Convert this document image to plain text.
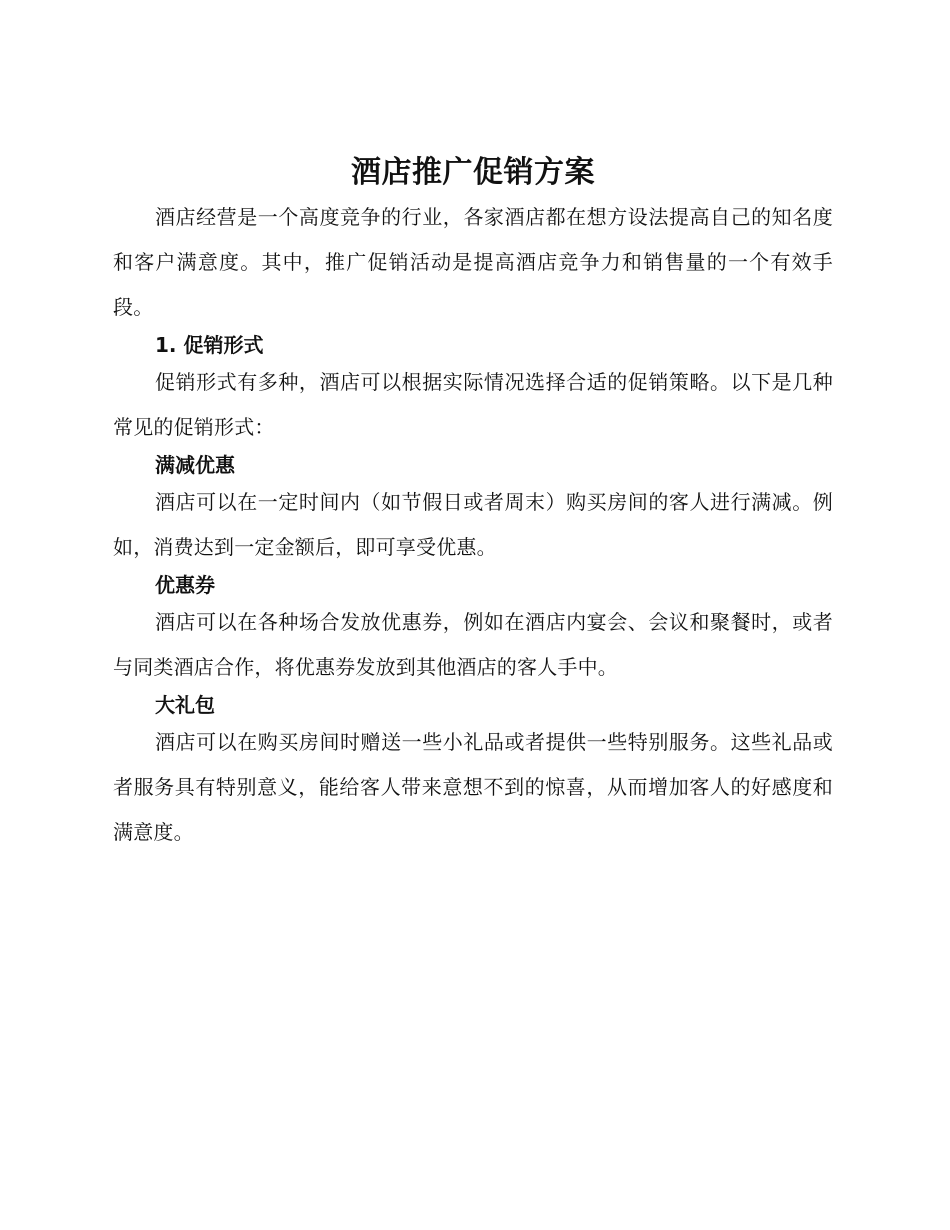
酒店推广促销方案

酒店经营是一个高度竞争的行业，各家酒店都在想方设法提高自己的知名度和客户满意度。其中，推广促销活动是提高酒店竞争力和销售量的一个有效手段。

1. 促销形式

促销形式有多种，酒店可以根据实际情况选择合适的促销策略。以下是几种常见的促销形式：

满减优惠

酒店可以在一定时间内（如节假日或者周末）购买房间的客人进行满减。例如，消费达到一定金额后，即可享受优惠。

优惠券

酒店可以在各种场合发放优惠券，例如在酒店内宴会、会议和聚餐时，或者与同类酒店合作，将优惠券发放到其他酒店的客人手中。

大礼包

酒店可以在购买房间时赠送一些小礼品或者提供一些特别服务。这些礼品或者服务具有特别意义，能给客人带来意想不到的惊喜，从而增加客人的好感度和满意度。
